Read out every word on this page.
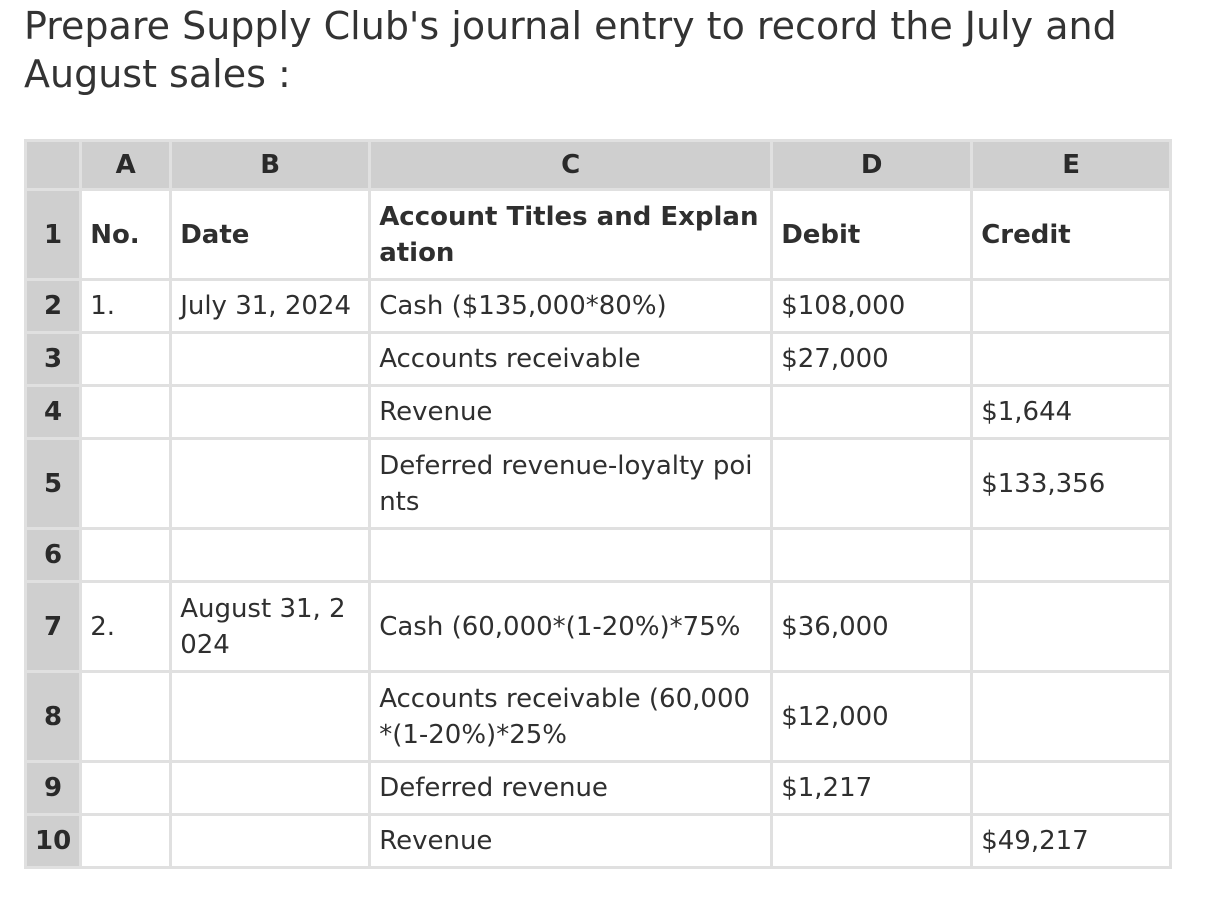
Prepare Supply Club's journal entry to record the July and August sales :
	A	B	C	D	E
1	No.	Date	Account Titles and Explanation	Debit	Credit
2	1.	July 31, 2024	Cash ($135,000*80%)	$108,000	
3			Accounts receivable	$27,000	
4			Revenue		$1,644
5			Deferred revenue-loyalty points		$133,356
6					
7	2.	August 31, 2024	Cash (60,000*(1-20%)*75%	$36,000	
8			Accounts receivable (60,000*(1-20%)*25%	$12,000	
9			Deferred revenue	$1,217	
10			Revenue		$49,217
